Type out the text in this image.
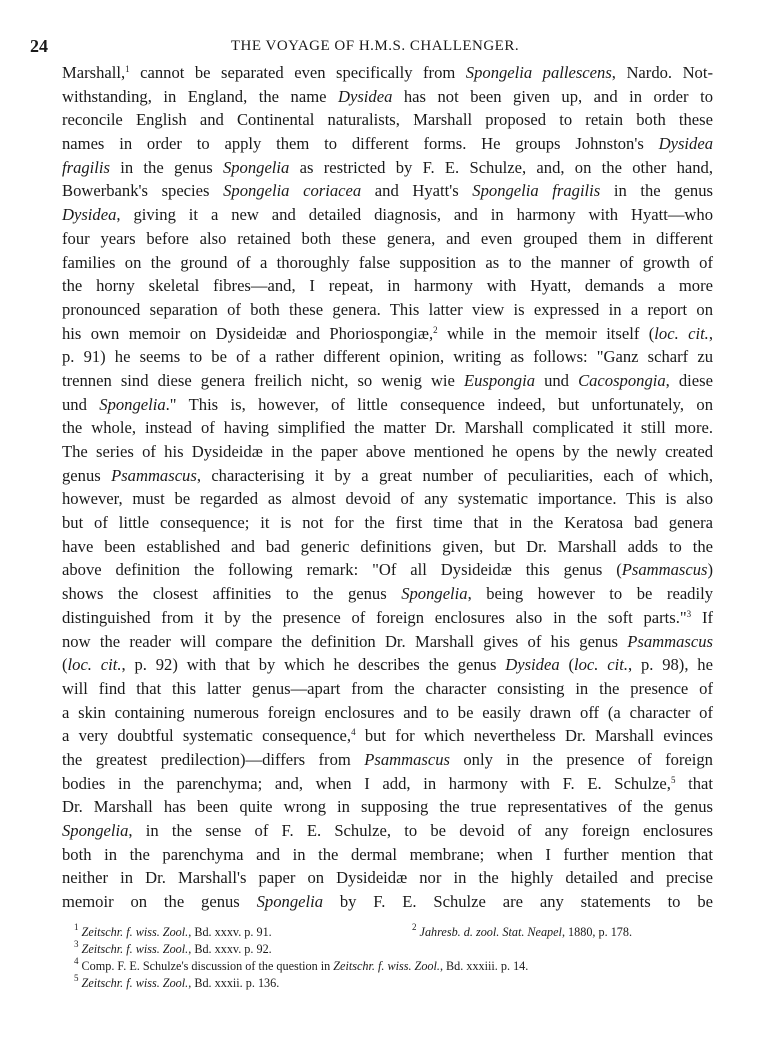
24	THE VOYAGE OF H.M.S. CHALLENGER.
Marshall,$^1$ cannot be separated even specifically from Spongelia pallescens, Nardo. Not-
withstanding, in England, the name Dysidea has not been given up, and in order to
reconcile English and Continental naturalists, Marshall proposed to retain both these
names in order to apply them to different forms. He groups Johnston's Dysidea
fragilis in the genus Spongelia as restricted by F. E. Schulze, and, on the other hand,
Bowerbank's species Spongelia coriacea and Hyatt's Spongelia fragilis in the genus
Dysidea, giving it a new and detailed diagnosis, and in harmony with Hyatt—who
four years before also retained both these genera, and even grouped them in different
families on the ground of a thoroughly false supposition as to the manner of growth of
the horny skeletal fibres—and, I repeat, in harmony with Hyatt, demands a more
pronounced separation of both these genera. This latter view is expressed in a report on
his own memoir on Dysideidæ and Phoriospongiæ,$^2$ while in the memoir itself (loc. cit.,
p. 91) he seems to be of a rather different opinion, writing as follows: "Ganz scharf zu
trennen sind diese genera freilich nicht, so wenig wie Euspongia und Cacospongia, diese
und Spongelia." This is, however, of little consequence indeed, but unfortunately, on
the whole, instead of having simplified the matter Dr. Marshall complicated it still more.
The series of his Dysideidæ in the paper above mentioned he opens by the newly created
genus Psammascus, characterising it by a great number of peculiarities, each of which,
however, must be regarded as almost devoid of any systematic importance. This is also
but of little consequence; it is not for the first time that in the Keratosa bad genera
have been established and bad generic definitions given, but Dr. Marshall adds to the
above definition the following remark: "Of all Dysideidæ this genus (Psammascus)
shows the closest affinities to the genus Spongelia, being however to be readily
distinguished from it by the presence of foreign enclosures also in the soft parts."$^3$ If
now the reader will compare the definition Dr. Marshall gives of his genus Psammascus
(loc. cit., p. 92) with that by which he describes the genus Dysidea (loc. cit., p. 98), he
will find that this latter genus—apart from the character consisting in the presence of
a skin containing numerous foreign enclosures and to be easily drawn off (a character of
a very doubtful systematic consequence,$^4$ but for which nevertheless Dr. Marshall evinces
the greatest predilection)—differs from Psammascus only in the presence of foreign
bodies in the parenchyma; and, when I add, in harmony with F. E. Schulze,$^5$ that
Dr. Marshall has been quite wrong in supposing the true representatives of the genus
Spongelia, in the sense of F. E. Schulze, to be devoid of any foreign enclosures
both in the parenchyma and in the dermal membrane; when I further mention that
neither in Dr. Marshall's paper on Dysideidæ nor in the highly detailed and precise
memoir on the genus Spongelia by F. E. Schulze are any statements to be
$^1$ Zeitschr. f. wiss. Zool., Bd. xxxv. p. 91.	$^2$ Jahresb. d. zool. Stat. Neapel, 1880, p. 178.
$^3$ Zeitschr. f. wiss. Zool., Bd. xxxv. p. 92.
$^4$ Comp. F. E. Schulze's discussion of the question in Zeitschr. f. wiss. Zool., Bd. xxxiii. p. 14.
$^5$ Zeitschr. f. wiss. Zool., Bd. xxxii. p. 136.
